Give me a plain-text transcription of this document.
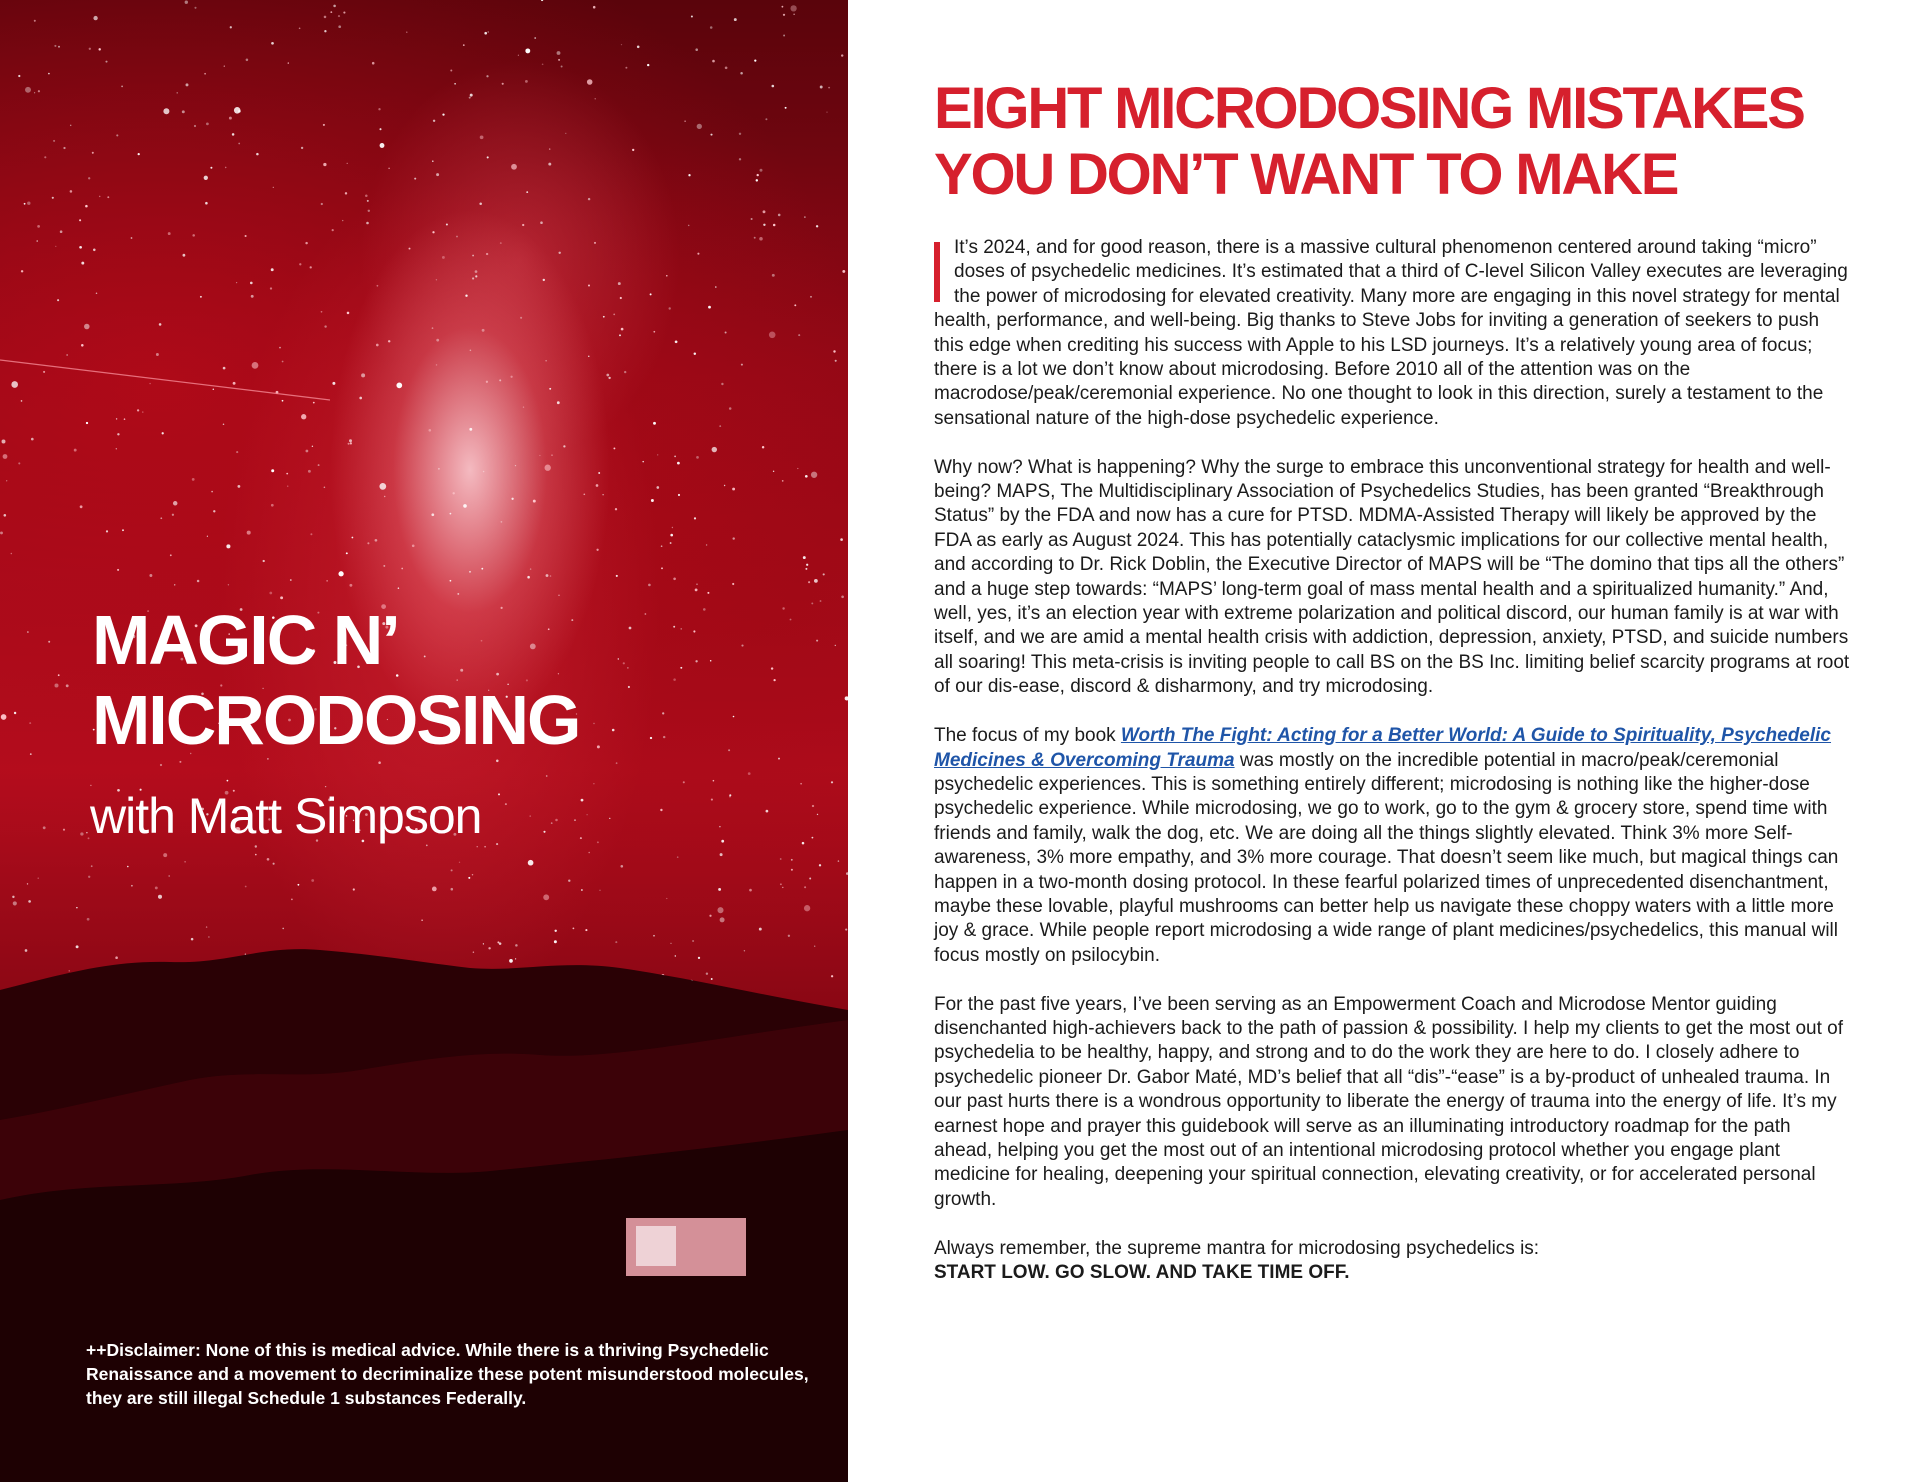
MAGIC N’
MICRODOSING
with Matt Simpson
++Disclaimer: None of this is medical advice. While there is a thriving Psychedelic Renaissance and a movement to decriminalize these potent misunderstood molecules, they are still illegal Schedule 1 substances Federally.
EIGHT MICRODOSING MISTAKES
YOU DON’T WANT TO MAKE

It’s 2024, and for good reason, there is a massive cultural phenomenon centered around taking “micro” doses of psychedelic medicines. It’s estimated that a third of C-level Silicon Valley executes are leveraging the power of microdosing for elevated creativity. Many more are engaging in this novel strategy for mental health, performance, and well-being. Big thanks to Steve Jobs for inviting a generation of seekers to push this edge when crediting his success with Apple to his LSD journeys. It’s a relatively young area of focus; there is a lot we don’t know about microdosing. Before 2010 all of the attention was on the macrodose/peak/ceremonial experience. No one thought to look in this direction, surely a testament to the sensational nature of the high-dose psychedelic experience.

Why now? What is happening? Why the surge to embrace this unconventional strategy for health and well-being? MAPS, The Multidisciplinary Association of Psychedelics Studies, has been granted “Breakthrough Status” by the FDA and now has a cure for PTSD. MDMA-Assisted Therapy will likely be approved by the FDA as early as August 2024. This has potentially cataclysmic implications for our collective mental health, and according to Dr. Rick Doblin, the Executive Director of MAPS will be “The domino that tips all the others” and a huge step towards: “MAPS’ long-term goal of mass mental health and a spiritualized humanity.” And, well, yes, it’s an election year with extreme polarization and political discord, our human family is at war with itself, and we are amid a mental health crisis with addiction, depression, anxiety, PTSD, and suicide numbers all soaring! This meta-crisis is inviting people to call BS on the BS Inc. limiting belief scarcity programs at root of our dis-ease, discord & disharmony, and try microdosing.

The focus of my book Worth The Fight: Acting for a Better World: A Guide to Spirituality, Psychedelic Medicines & Overcoming Trauma was mostly on the incredible potential in macro/peak/ceremonial psychedelic experiences. This is something entirely different; microdosing is nothing like the higher-dose psychedelic experience. While microdosing, we go to work, go to the gym & grocery store, spend time with friends and family, walk the dog, etc. We are doing all the things slightly elevated. Think 3% more Self-awareness, 3% more empathy, and 3% more courage. That doesn’t seem like much, but magical things can happen in a two-month dosing protocol. In these fearful polarized times of unprecedented disenchantment, maybe these lovable, playful mushrooms can better help us navigate these choppy waters with a little more joy & grace. While people report microdosing a wide range of plant medicines/psychedelics, this manual will focus mostly on psilocybin.

For the past five years, I’ve been serving as an Empowerment Coach and Microdose Mentor guiding disenchanted high-achievers back to the path of passion & possibility. I help my clients to get the most out of psychedelia to be healthy, happy, and strong and to do the work they are here to do. I closely adhere to psychedelic pioneer Dr. Gabor Maté, MD’s belief that all “dis”-“ease” is a by-product of unhealed trauma. In our past hurts there is a wondrous opportunity to liberate the energy of trauma into the energy of life. It’s my earnest hope and prayer this guidebook will serve as an illuminating introductory roadmap for the path ahead, helping you get the most out of an intentional microdosing protocol whether you engage plant medicine for healing, deepening your spiritual connection, elevating creativity, or for accelerated personal growth.

Always remember, the supreme mantra for microdosing psychedelics is:
START LOW. GO SLOW. AND TAKE TIME OFF.
